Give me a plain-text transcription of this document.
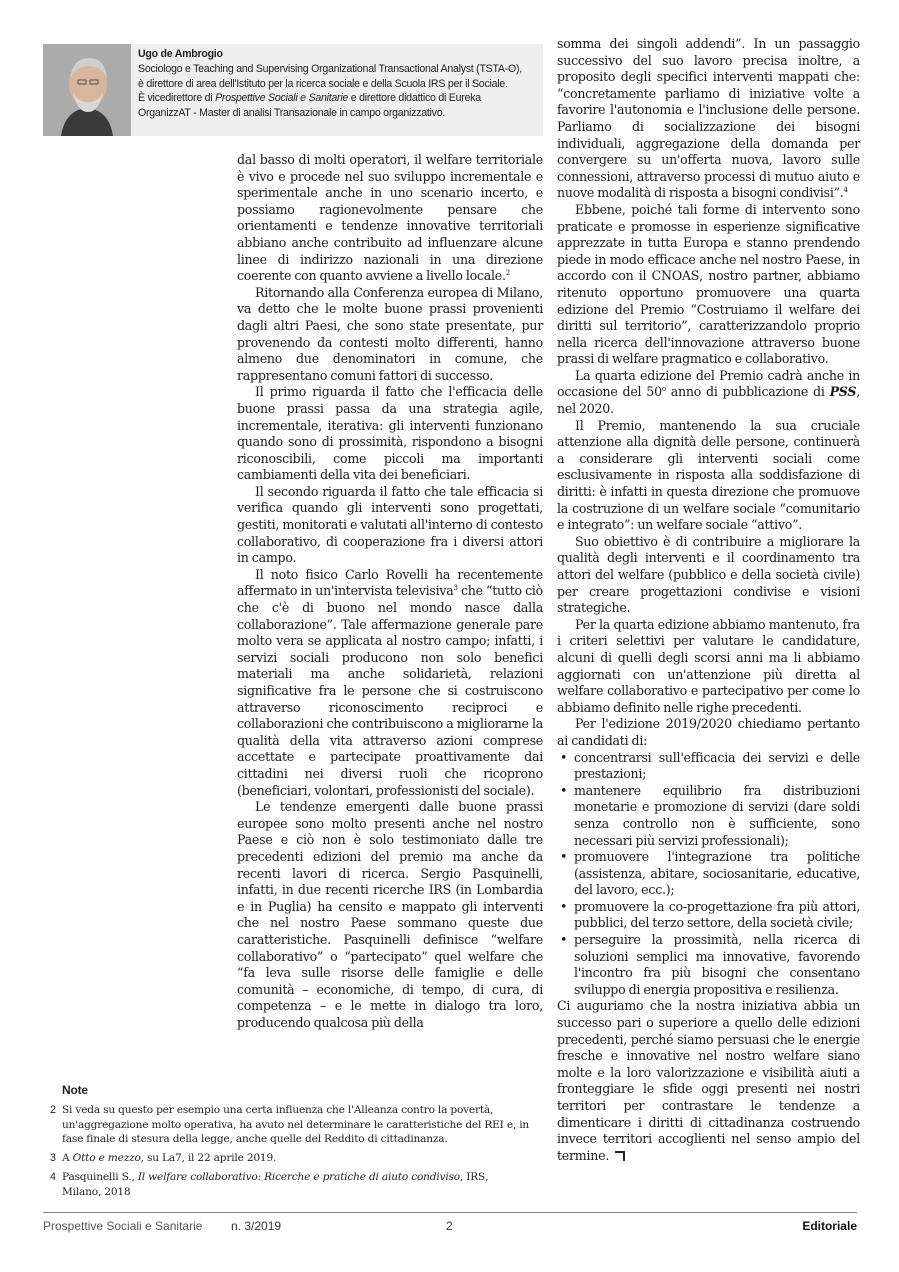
Ugo de Ambrogio
Sociologo e Teaching and Supervising Organizational Transactional Analyst (TSTA-O),
è direttore di area dell'Istituto per la ricerca sociale e della Scuola IRS per il Sociale.
È vicedirettore di Prospettive Sociali e Sanitarie e direttore didattico di Eureka
OrganizzAT - Master di analisi Transazionale in campo organizzativo.

dal basso di molti operatori, il welfare territoriale è vivo e procede nel suo sviluppo incrementale e sperimentale anche in uno scenario incerto, e possiamo ragionevolmente pensare che orientamenti e tendenze innovative territoriali abbiano anche contribuito ad influenzare alcune linee di indirizzo nazionali in una direzione coerente con quanto avviene a livello locale.$^2$

Ritornando alla Conferenza europea di Milano, va detto che le molte buone prassi provenienti dagli altri Paesi, che sono state presentate, pur provenendo da contesti molto differenti, hanno almeno due denominatori in comune, che rappresentano comuni fattori di successo.

Il primo riguarda il fatto che l'efficacia delle buone prassi passa da una strategia agile, incrementale, iterativa: gli interventi funzionano quando sono di prossimità, rispondono a bisogni riconoscibili, come piccoli ma importanti cambiamenti della vita dei beneficiari.

Il secondo riguarda il fatto che tale efficacia si verifica quando gli interventi sono progettati, gestiti, monitorati e valutati all'interno di contesto collaborativo, di cooperazione fra i diversi attori in campo.

Il noto fisico Carlo Rovelli ha recentemente affermato in un'intervista televisiva$^3$ che “tutto ciò che c'è di buono nel mondo nasce dalla collaborazione”. Tale affermazione generale pare molto vera se applicata al nostro campo; infatti, i servizi sociali producono non solo benefici materiali ma anche solidarietà, relazioni significative fra le persone che si costruiscono attraverso riconoscimento reciproci e collaborazioni che contribuiscono a migliorarne la qualità della vita attraverso azioni comprese accettate e partecipate proattivamente dai cittadini nei diversi ruoli che ricoprono (beneficiari, volontari, professionisti del sociale).

Le tendenze emergenti dalle buone prassi europee sono molto presenti anche nel nostro Paese e ciò non è solo testimoniato dalle tre precedenti edizioni del premio ma anche da recenti lavori di ricerca. Sergio Pasquinelli, infatti, in due recenti ricerche IRS (in Lombardia e in Puglia) ha censito e mappato gli interventi che nel nostro Paese sommano queste due caratteristiche. Pasquinelli definisce “welfare collaborativo” o “partecipato” quel welfare che “fa leva sulle risorse delle famiglie e delle comunità – economiche, di tempo, di cura, di competenza – e le mette in dialogo tra loro, producendo qualcosa più della

somma dei singoli addendi”. In un passaggio successivo del suo lavoro precisa inoltre, a proposito degli specifici interventi mappati che: “concretamente parliamo di iniziative volte a favorire l'autonomia e l'inclusione delle persone. Parliamo di socializzazione dei bisogni individuali, aggregazione della domanda per convergere su un'offerta nuova, lavoro sulle connessioni, attraverso processi di mutuo aiuto e nuove modalità di risposta a bisogni condivisi”.$^4$

Ebbene, poiché tali forme di intervento sono praticate e promosse in esperienze significative apprezzate in tutta Europa e stanno prendendo piede in modo efficace anche nel nostro Paese, in accordo con il CNOAS, nostro partner, abbiamo ritenuto opportuno promuovere una quarta edizione del Premio “Costruiamo il welfare dei diritti sul territorio”, caratterizzandolo proprio nella ricerca dell'innovazione attraverso buone prassi di welfare pragmatico e collaborativo.

La quarta edizione del Premio cadrà anche in occasione del 50$^o$ anno di pubblicazione di PSS, nel 2020.

Il Premio, mantenendo la sua cruciale attenzione alla dignità delle persone, continuerà a considerare gli interventi sociali come esclusivamente in risposta alla soddisfazione di diritti: è infatti in questa direzione che promuove la costruzione di un welfare sociale “comunitario e integrato”: un welfare sociale “attivo”.

Suo obiettivo è di contribuire a migliorare la qualità degli interventi e il coordinamento tra attori del welfare (pubblico e della società civile) per creare progettazioni condivise e visioni strategiche.

Per la quarta edizione abbiamo mantenuto, fra i criteri selettivi per valutare le candidature, alcuni di quelli degli scorsi anni ma li abbiamo aggiornati con un'attenzione più diretta al welfare collaborativo e partecipativo per come lo abbiamo definito nelle righe precedenti.

Per l'edizione 2019/2020 chiediamo pertanto ai candidati di:

• concentrarsi sull'efficacia dei servizi e delle prestazioni;
• mantenere equilibrio fra distribuzioni monetarie e promozione di servizi (dare soldi senza controllo non è sufficiente, sono necessari più servizi professionali);
• promuovere l'integrazione tra politiche (assistenza, abitare, sociosanitarie, educative, del lavoro, ecc.);
• promuovere la co-progettazione fra più attori, pubblici, del terzo settore, della società civile;
• perseguire la prossimità, nella ricerca di soluzioni semplici ma innovative, favorendo l'incontro fra più bisogni che consentano sviluppo di energia propositiva e resilienza.

Ci auguriamo che la nostra iniziativa abbia un successo pari o superiore a quello delle edizioni precedenti, perché siamo persuasi che le energie fresche e innovative nel nostro welfare siano molte e la loro valorizzazione e visibilità aiuti a fronteggiare le sfide oggi presenti nei nostri territori per contrastare le tendenze a dimenticare i diritti di cittadinanza costruendo invece territori accoglienti nel senso ampio del termine.

Note
2 Si veda su questo per esempio una certa influenza che l'Alleanza contro la povertà, un'aggregazione molto operativa, ha avuto nel determinare le caratteristiche del REI e, in fase finale di stesura della legge, anche quelle del Reddito di cittadinanza.
3 A Otto e mezzo, su La7, il 22 aprile 2019.
4 Pasquinelli S., Il welfare collaborativo: Ricerche e pratiche di aiuto condiviso, IRS, Milano, 2018
Prospettive Sociali e Sanitarie n. 3/2019	2	Editoriale
